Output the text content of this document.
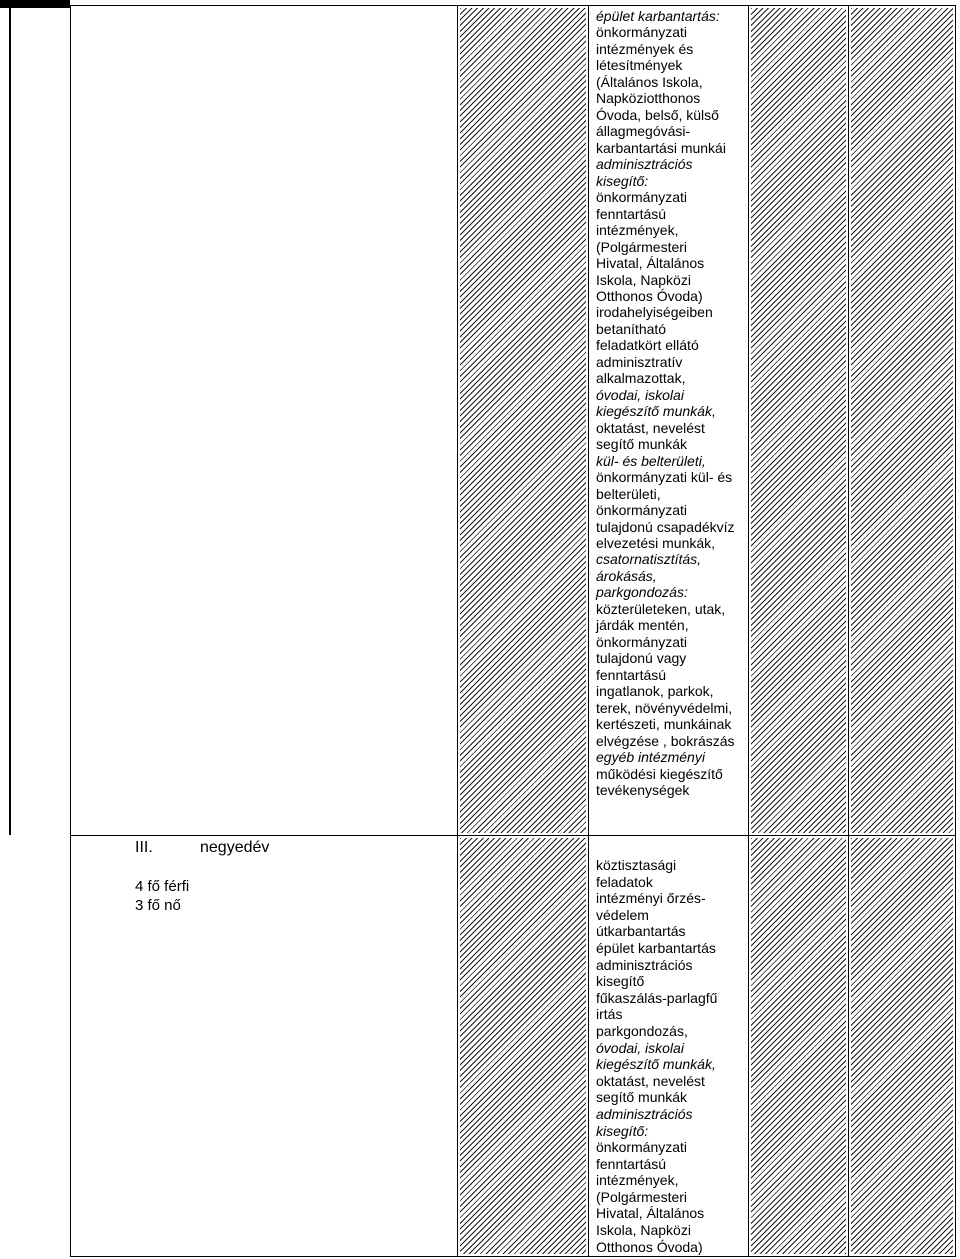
épület karbantartás:
önkormányzati
intézmények és
létesítmények
(Általános Iskola,
Napköziotthonos
Óvoda, belső, külső
állagmegóvási-
karbantartási munkái
adminisztrációs
kisegítő:
önkormányzati
fenntartású
intézmények,
(Polgármesteri
Hivatal, Általános
Iskola, Napközi
Otthonos Óvoda)
irodahelyiségeiben
betanítható
feladatkört ellátó
adminisztratív
alkalmazottak,
óvodai, iskolai
kiegészítő munkák,
oktatást, nevelést
segítő munkák
kül- és belterületi,
önkormányzati kül- és
belterületi,
önkormányzati
tulajdonú csapadékvíz
elvezetési munkák,
csatornatisztítás,
árokásás,
parkgondozás:
közterületeken, utak,
járdák mentén,
önkormányzati
tulajdonú vagy
fenntartású
ingatlanok, parkok,
terek, növényvédelmi,
kertészeti, munkáinak
elvégzése , bokrászás
egyéb intézményi
működési kiegészítő
tevékenységek
III.	negyedév
4 fő férfi
3 fő nő
köztisztasági
feladatok
intézményi őrzés-
védelem
útkarbantartás
épület karbantartás
adminisztrációs
kisegítő
fűkaszálás-parlagfű
irtás
parkgondozás,
óvodai, iskolai
kiegészítő munkák,
oktatást, nevelést
segítő munkák
adminisztrációs
kisegítő:
önkormányzati
fenntartású
intézmények,
(Polgármesteri
Hivatal, Általános
Iskola, Napközi
Otthonos Óvoda)
